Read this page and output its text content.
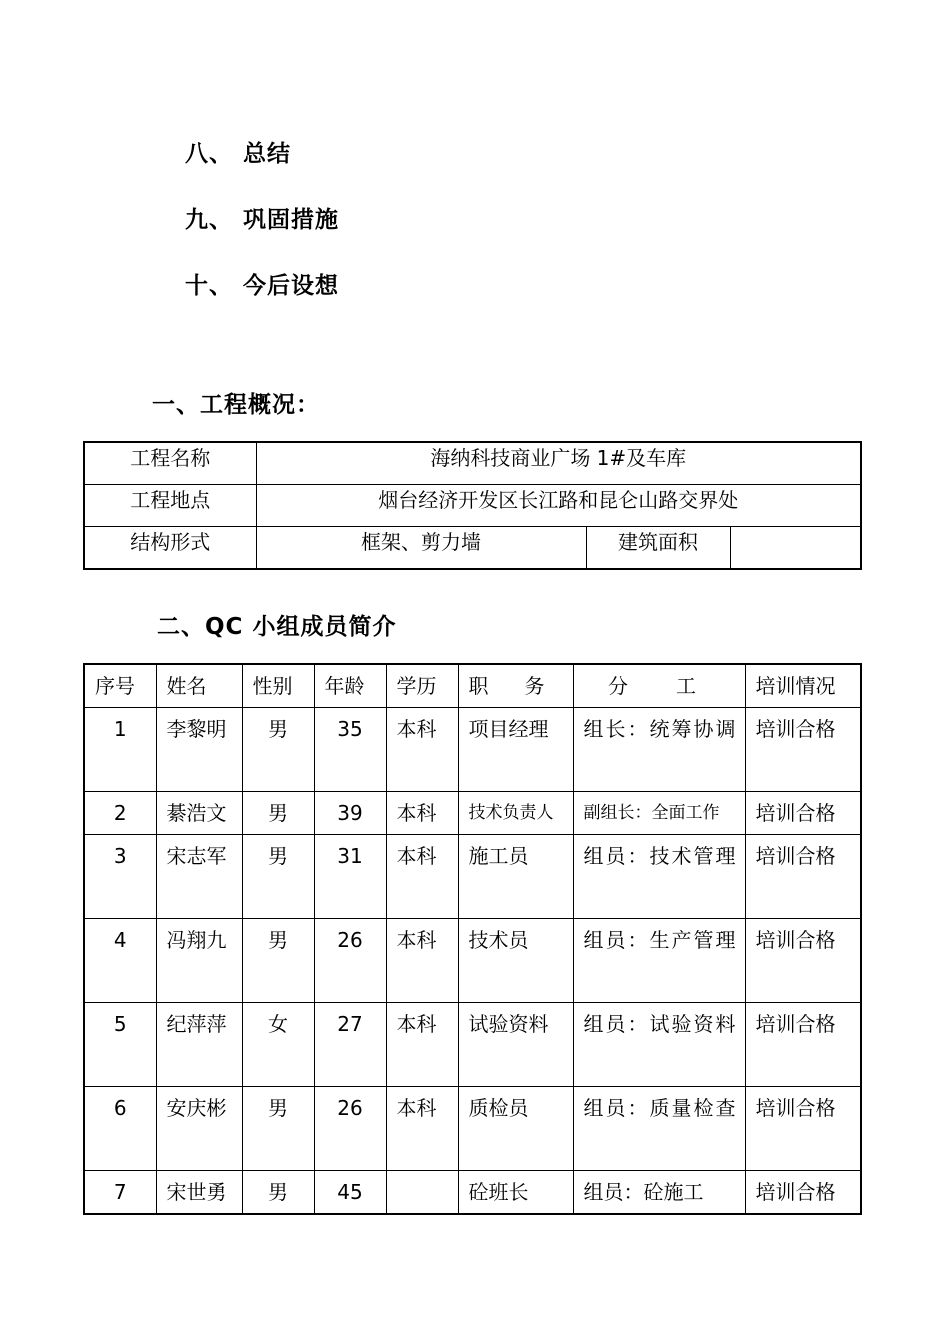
八、 总结
九、 巩固措施
十、 今后设想
一、工程概况：
工程名称	海纳科技商业广场 1#及车库		
工程地点	烟台经济开发区长江路和昆仑山路交界处		
结构形式	框架、剪力墙	建筑面积	
二、QC 小组成员简介
序号	姓名	性别	年龄	学历	职　务	分　工	培训情况
1	李黎明	男	35	本科	项目经理	组长：统筹协调	培训合格
2	綦浩文	男	39	本科	技术负责人	副组长：全面工作	培训合格
3	宋志军	男	31	本科	施工员	组员：技术管理	培训合格
4	冯翔九	男	26	本科	技术员	组员：生产管理	培训合格
5	纪萍萍	女	27	本科	试验资料	组员：试验资料	培训合格
6	安庆彬	男	26	本科	质检员	组员：质量检查	培训合格
7	宋世勇	男	45		砼班长	组员：砼施工	培训合格
